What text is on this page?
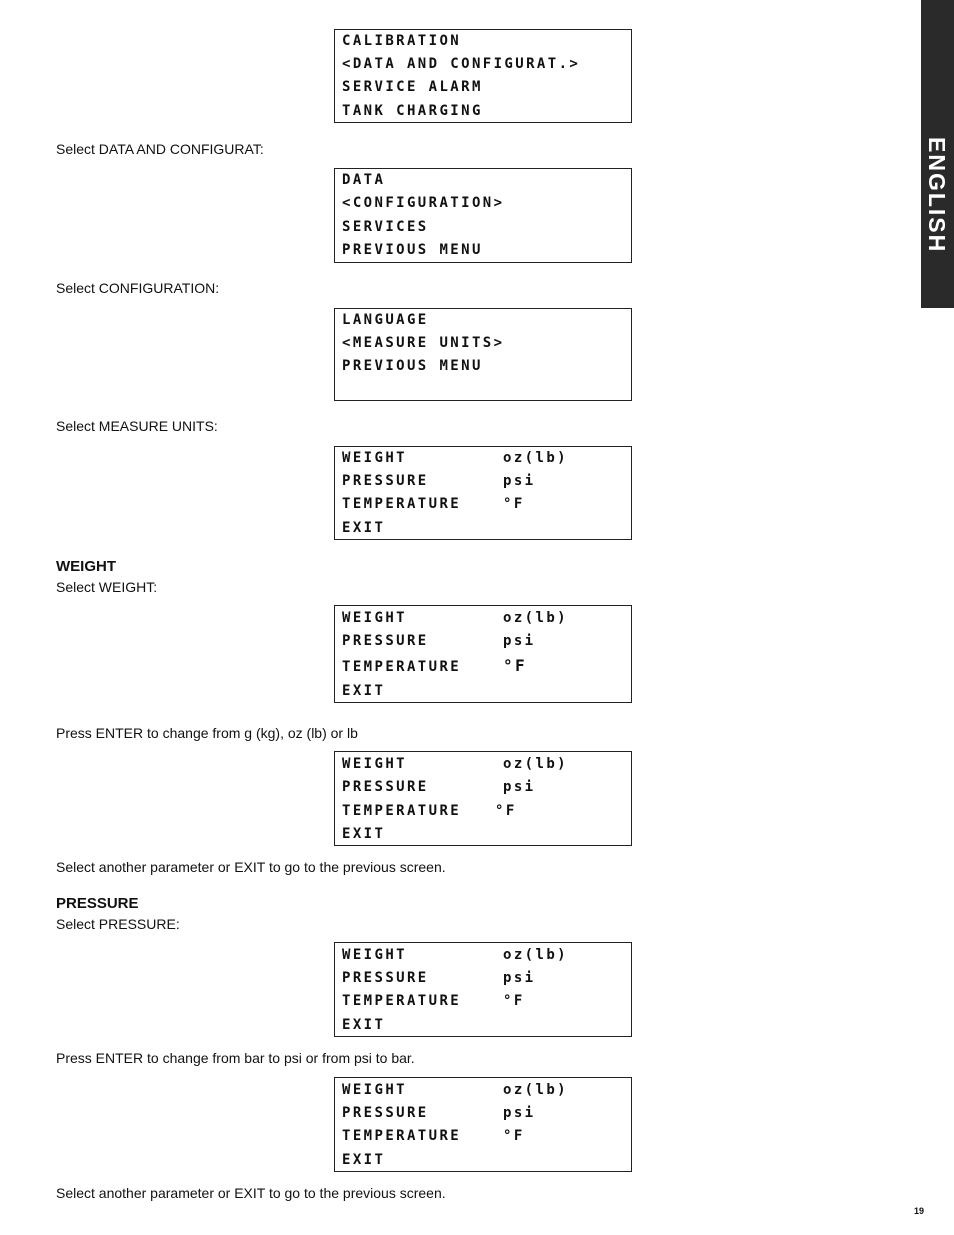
CALIBRATION
<DATA AND CONFIGURAT.>
SERVICE ALARM
TANK CHARGING
Select DATA AND CONFIGURAT:
DATA
<CONFIGURATION>
SERVICES
PREVIOUS MENU
Select CONFIGURATION:
LANGUAGE
<MEASURE UNITS>
PREVIOUS MENU
Select MEASURE UNITS:
WEIGHT	oz(lb)
PRESSURE	psi
TEMPERATURE	°F
EXIT
WEIGHT
Select WEIGHT:
WEIGHT	oz(lb)
PRESSURE	psi
TEMPERATURE	°F
EXIT
Press ENTER to change from g (kg), oz (lb) or lb
WEIGHT	oz(lb)
PRESSURE	psi
TEMPERATURE °F
EXIT
Select another parameter or EXIT to go to the previous screen.
PRESSURE
Select PRESSURE:
WEIGHT	oz(lb)
PRESSURE	psi
TEMPERATURE	°F
EXIT
Press ENTER to change from bar to psi or from psi to bar.
WEIGHT	oz(lb)
PRESSURE	psi
TEMPERATURE	°F
EXIT
Select another parameter or EXIT to go to the previous screen.
19
